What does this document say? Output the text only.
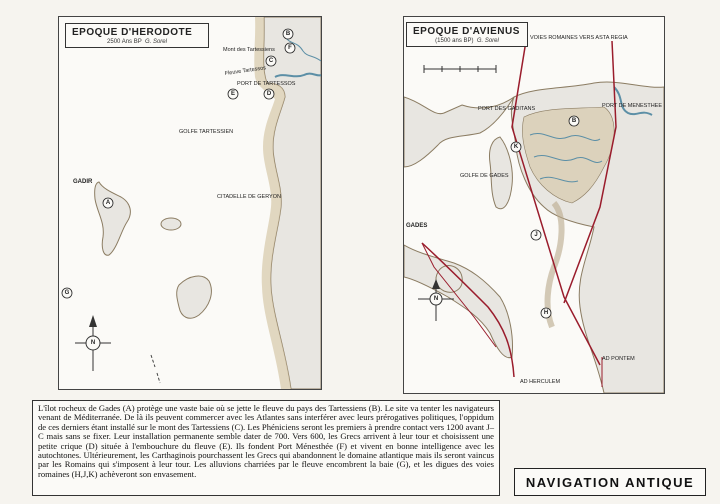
N
Mont des Tartessiens
Fleuve Tartessos
PORT DE TARTESSOS
GOLFE TARTESSIEN
CITADELLE DE GERYON
GADIR
B
F
C
E	D
A
G
EPOQUE D'HERODOTE
2500 Ans BP G. Sorel
N
VOIES ROMAINES VERS ASTA REGIA
PORT DES GADITANS	PORT DE MENESTHEE
GOLFE DE GADES
GADES
AD PONTEM
AD HERCULEM
B
K
J
H
EPOQUE D'AVIENUS
(1500 ans BP) G. Sorel
L'îlot rocheux de Gades (A) protège une vaste baie où se jette le fleuve du pays des Tartessiens (B). Le site va tenter les navigateurs venant de Méditerranée. De là ils peuvent commercer avec les Atlantes sans interférer avec leurs prérogatives politiques, l'oppidum de ces derniers étant installé sur le mont des Tartessiens (C). Les Phéniciens seront les premiers à prendre contact vers 1200 avant J–C mais sans se fixer. Leur installation permanente semble dater de 700. Vers 600, les Grecs arrivent à leur tour et choisissent une petite crique (D) située à l'embouchure du fleuve (E). Ils fondent Port Ménesthée (F) et vivent en bonne intelligence avec les autochtones. Ultérieurement, les Carthaginois pourchassent les Grecs qui abandonnent le domaine atlantique mais ils seront vaincus par les Romains qui s'imposent à leur tour. Les alluvions charriées par le fleuve encombrent la baie (G), et les digues des voies romaines (H,J,K) achèveront son envasement.
NAVIGATION ANTIQUE
